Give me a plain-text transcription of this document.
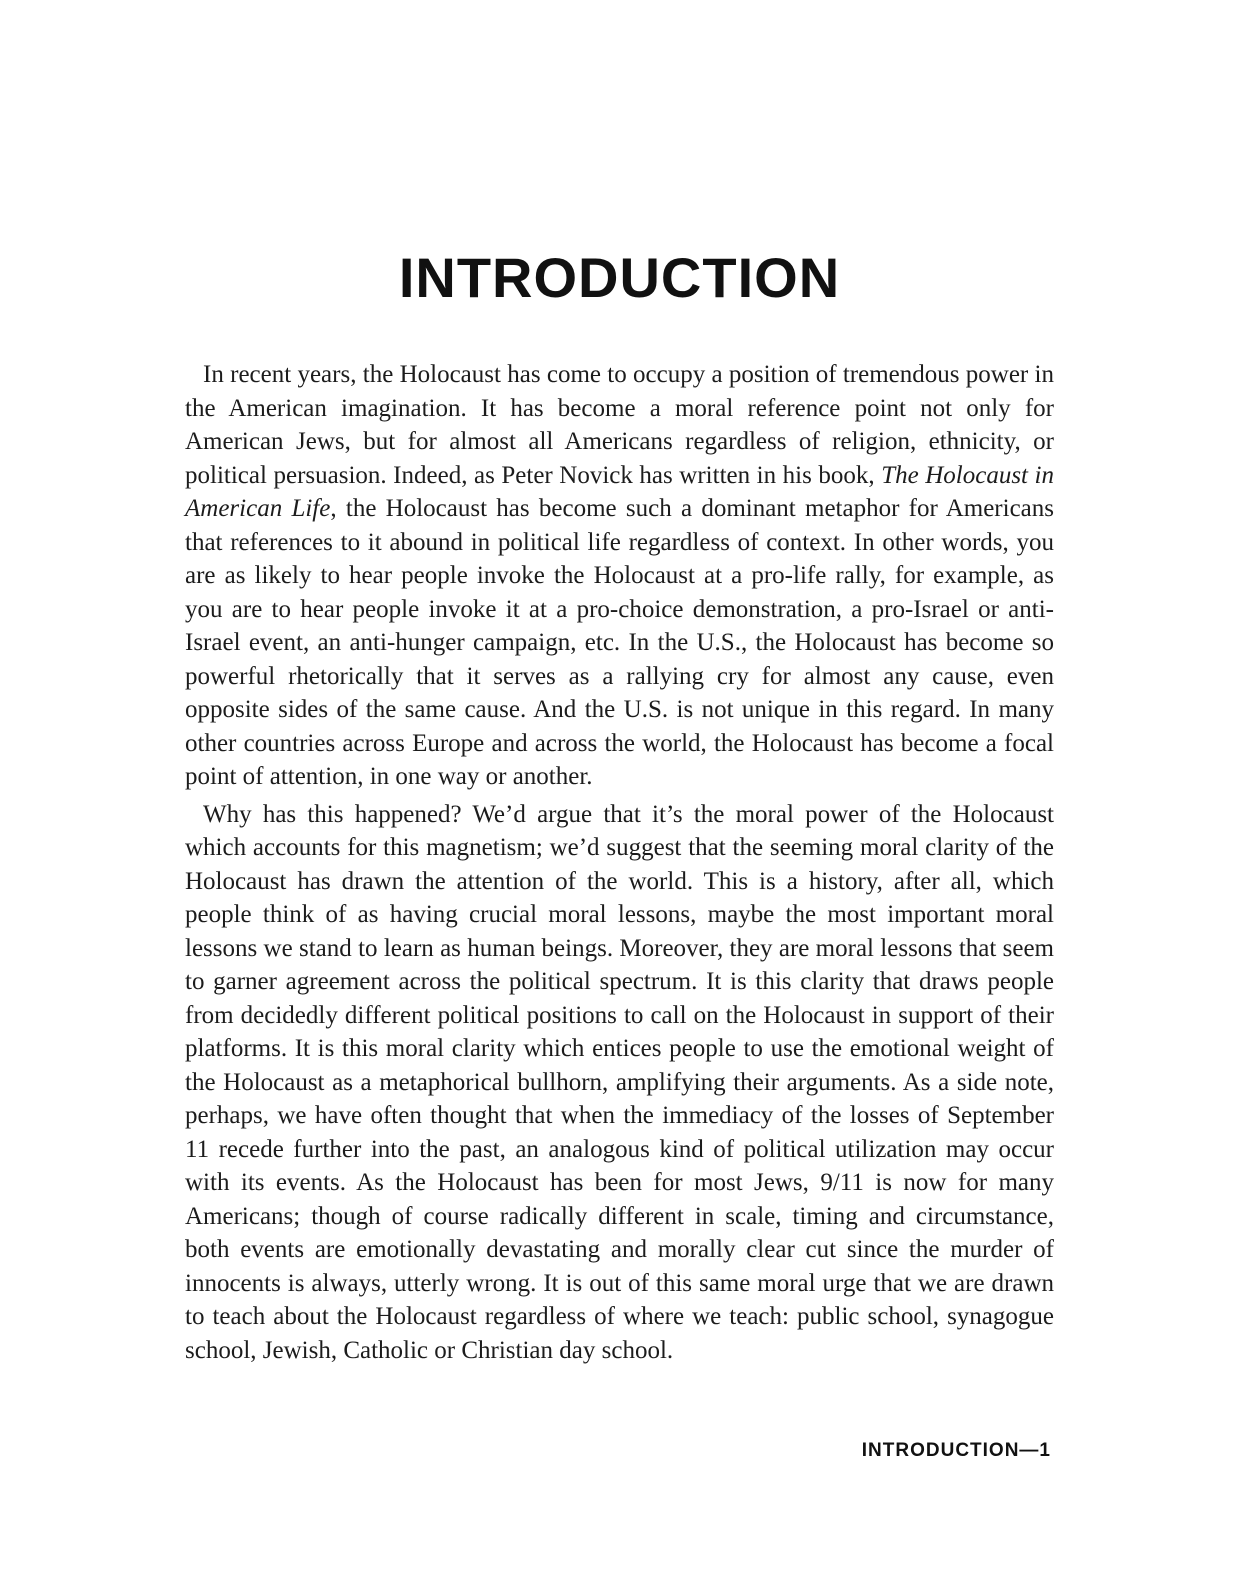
INTRODUCTION

In recent years, the Holocaust has come to occupy a position of tremendous power in the American imagination. It has become a moral reference point not only for American Jews, but for almost all Americans regardless of religion, ethnicity, or political persuasion. Indeed, as Peter Novick has written in his book, The Holocaust in American Life, the Holocaust has become such a dominant metaphor for Americans that references to it abound in political life regardless of context. In other words, you are as likely to hear people invoke the Holocaust at a pro-life rally, for example, as you are to hear people invoke it at a pro-choice demonstration, a pro-Israel or anti-Israel event, an anti-hunger campaign, etc. In the U.S., the Holocaust has become so powerful rhetorically that it serves as a rallying cry for almost any cause, even opposite sides of the same cause. And the U.S. is not unique in this regard. In many other countries across Europe and across the world, the Holocaust has become a focal point of attention, in one way or another.

Why has this happened? We’d argue that it’s the moral power of the Holocaust which accounts for this magnetism; we’d suggest that the seeming moral clarity of the Holocaust has drawn the attention of the world. This is a history, after all, which people think of as having crucial moral lessons, maybe the most important moral lessons we stand to learn as human beings. Moreover, they are moral lessons that seem to garner agreement across the political spectrum. It is this clarity that draws people from decidedly different political positions to call on the Holocaust in support of their platforms. It is this moral clarity which entices people to use the emotional weight of the Holocaust as a metaphorical bullhorn, amplifying their arguments. As a side note, perhaps, we have often thought that when the immediacy of the losses of September 11 recede further into the past, an analogous kind of political utilization may occur with its events. As the Holocaust has been for most Jews, 9/11 is now for many Americans; though of course radically different in scale, timing and circumstance, both events are emotionally devastating and morally clear cut since the murder of innocents is always, utterly wrong. It is out of this same moral urge that we are drawn to teach about the Holocaust regardless of where we teach: public school, synagogue school, Jewish, Catholic or Christian day school.

INTRODUCTION—1
